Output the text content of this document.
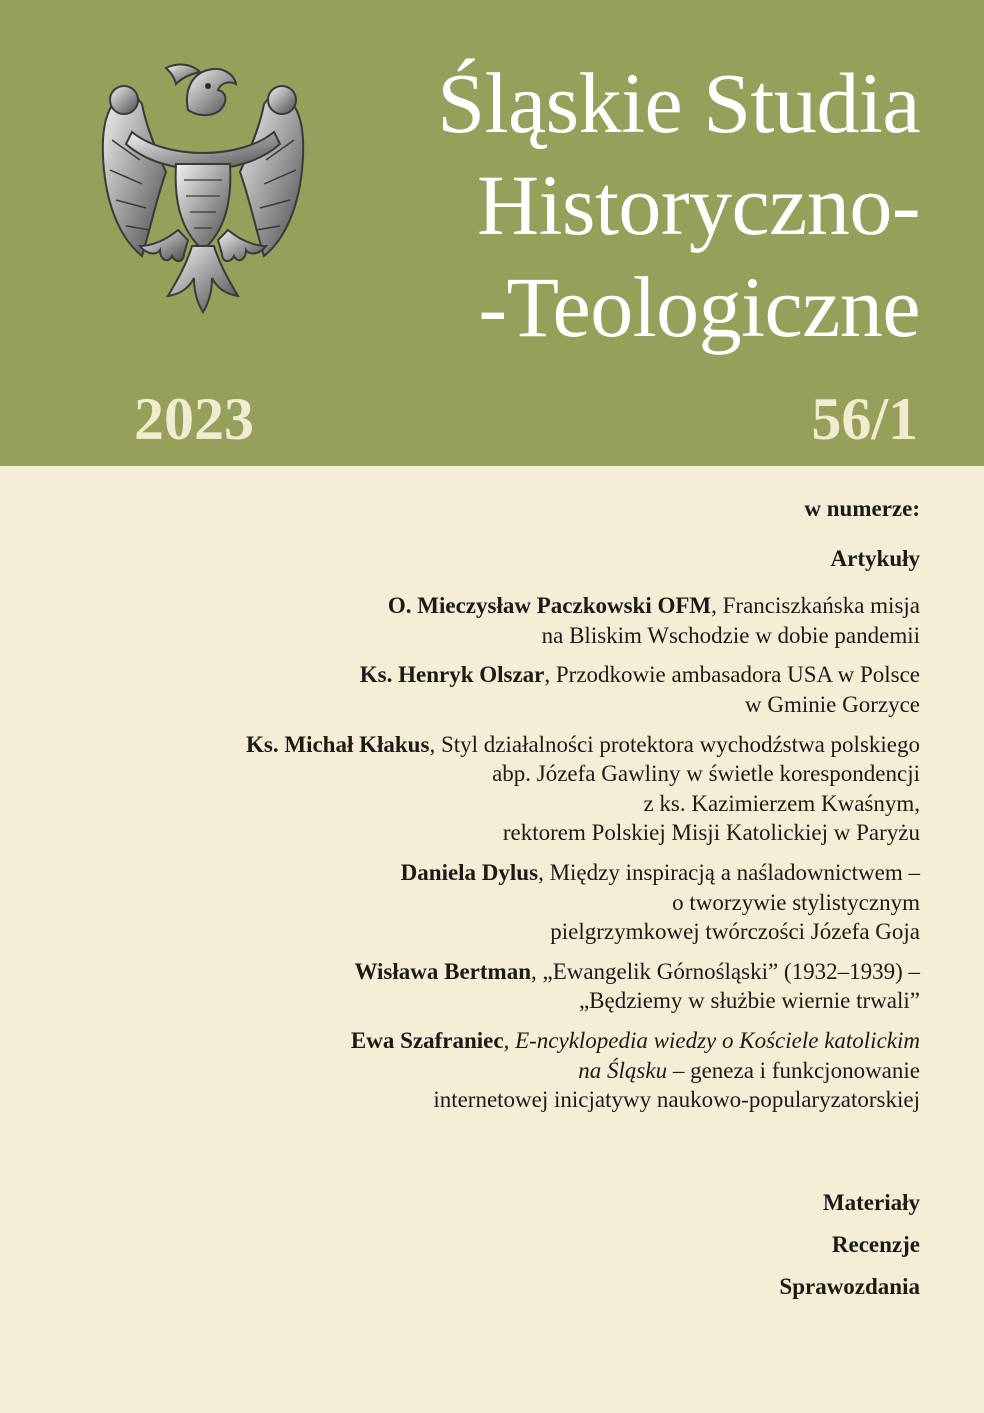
Śląskie Studia
Historyczno-
-Teologiczne
2023	56/1
w numerze:
Artykuły
O. Mieczysław Paczkowski OFM, Franciszkańska misja
na Bliskim Wschodzie w dobie pandemii
Ks. Henryk Olszar, Przodkowie ambasadora USA w Polsce
w Gminie Gorzyce
Ks. Michał Kłakus, Styl działalności protektora wychodźstwa polskiego
abp. Józefa Gawliny w świetle korespondencji
z ks. Kazimierzem Kwaśnym,
rektorem Polskiej Misji Katolickiej w Paryżu
Daniela Dylus, Między inspiracją a naśladownictwem –
o tworzywie stylistycznym
pielgrzymkowej twórczości Józefa Goja
Wisława Bertman, „Ewangelik Górnośląski” (1932–1939) –
„Będziemy w służbie wiernie trwali”
Ewa Szafraniec, E-ncyklopedia wiedzy o Kościele katolickim
na Śląsku – geneza i funkcjonowanie
internetowej inicjatywy naukowo-popularyzatorskiej
Materiały
Recenzje
Sprawozdania
